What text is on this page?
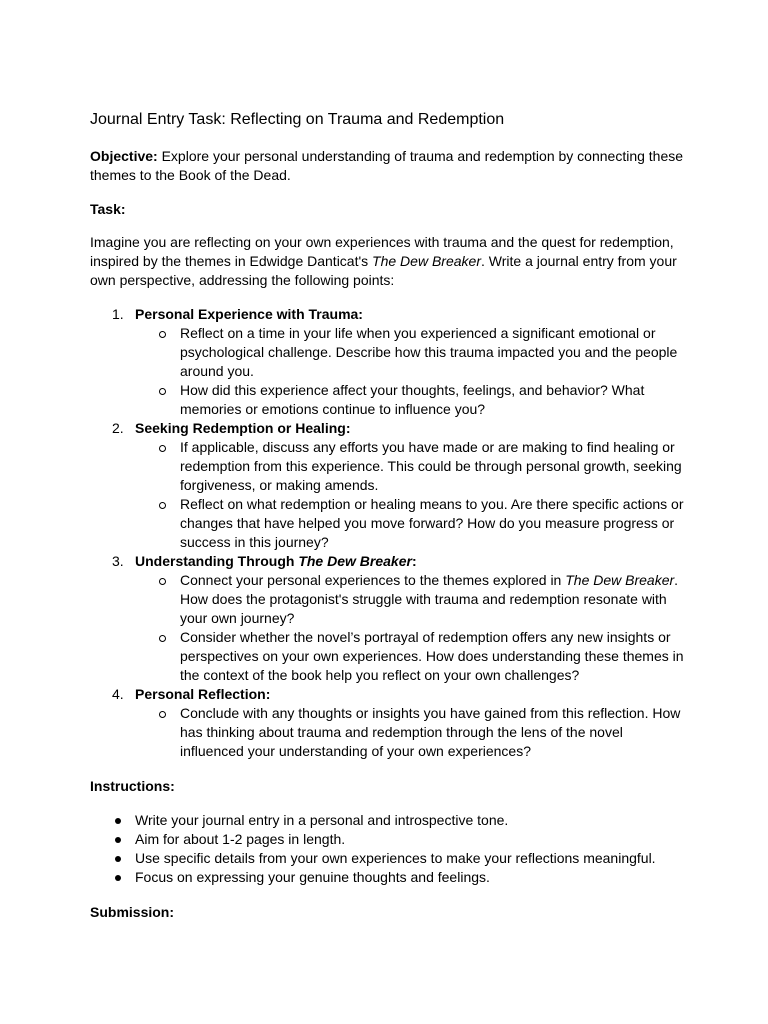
Journal Entry Task: Reflecting on Trauma and Redemption

Objective: Explore your personal understanding of trauma and redemption by connecting these themes to the Book of the Dead.

Task:

Imagine you are reflecting on your own experiences with trauma and the quest for redemption, inspired by the themes in Edwidge Danticat's The Dew Breaker. Write a journal entry from your own perspective, addressing the following points:

1. Personal Experience with Trauma:
Reflect on a time in your life when you experienced a significant emotional or psychological challenge. Describe how this trauma impacted you and the people around you.
How did this experience affect your thoughts, feelings, and behavior? What memories or emotions continue to influence you?
2. Seeking Redemption or Healing:
If applicable, discuss any efforts you have made or are making to find healing or redemption from this experience. This could be through personal growth, seeking forgiveness, or making amends.
Reflect on what redemption or healing means to you. Are there specific actions or changes that have helped you move forward? How do you measure progress or success in this journey?
3. Understanding Through The Dew Breaker:
Connect your personal experiences to the themes explored in The Dew Breaker. How does the protagonist's struggle with trauma and redemption resonate with your own journey?
Consider whether the novel’s portrayal of redemption offers any new insights or perspectives on your own experiences. How does understanding these themes in the context of the book help you reflect on your own challenges?
4. Personal Reflection:
Conclude with any thoughts or insights you have gained from this reflection. How has thinking about trauma and redemption through the lens of the novel influenced your understanding of your own experiences?

Instructions:

Write your journal entry in a personal and introspective tone.
Aim for about 1-2 pages in length.
Use specific details from your own experiences to make your reflections meaningful.
Focus on expressing your genuine thoughts and feelings.

Submission:
